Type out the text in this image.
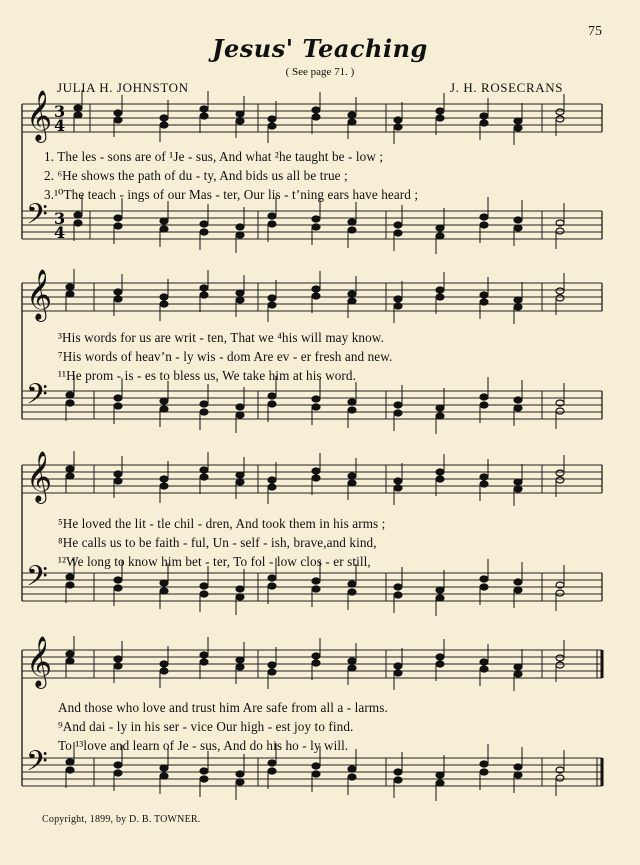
75
Jesus' Teaching
( See page 71. )
JULIA H. JOHNSTON	J. H. ROSECRANS
𝄞
𝄢
3
3
4
4
𝄞
𝄢
𝄞
𝄢
𝄞
𝄢
1. The les - sons are of ¹Je - sus, And what ²he taught be - low ;
2. ⁶He shows the path of du - ty, And bids us all be true ;
3.¹⁰The teach - ings of our Mas - ter, Our lis - t’ning ears have heard ;
³His words for us are writ - ten, That we ⁴his will may know.
⁷His words of heav’n - ly wis - dom Are ev - er fresh and new.
¹¹He prom - is - es to bless us, We take him at his word.
⁵He loved the lit - tle chil - dren, And took them in his arms ;
⁸He calls us to be faith - ful, Un - self - ish, brave,and kind,
¹²We long to know him bet - ter, To fol - low clos - er still,
And those who love and trust him Are safe from all a - larms.
⁹And dai - ly in his ser - vice Our high - est joy to find.
To ¹³love and learn of Je - sus, And do his ho - ly will.
Copyright, 1899, by D. B. TOWNER.
